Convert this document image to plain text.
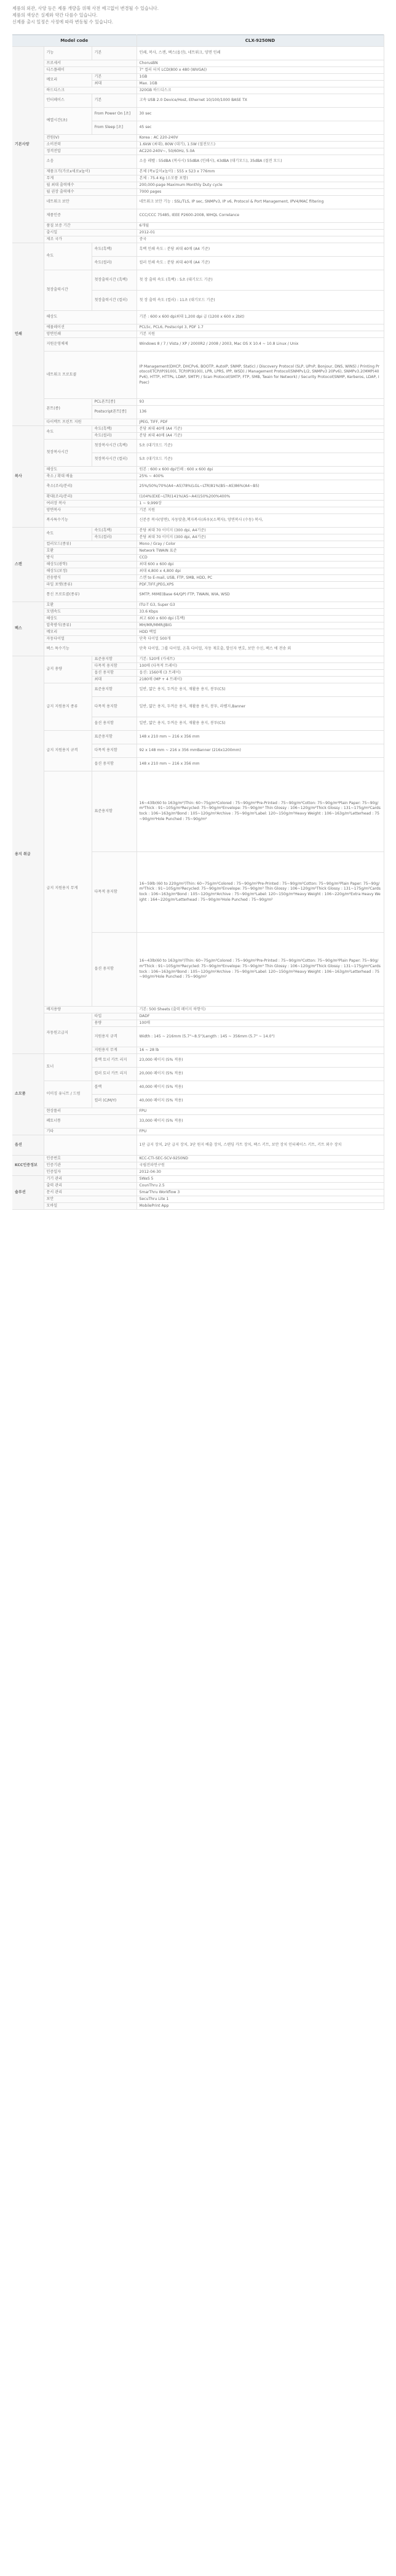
제품의 외관, 사양 등은 제품 개량을 위해 사전 예고없이 변경될 수 있습니다.
제품의 색상은 실제와 약간 다를수 있습니다.
신제품 출시 일정은 사정에 따라 변동될 수 있습니다.
Model code			CLX-9250ND
기본사양	기능	기본	인쇄, 복사, 스캔, 팩스(옵션), 네트워크, 양면 인쇄
	프로세서		ChorusBN
	디스플레이		7" 컬러 터치 LCD(800 x 480 (WVGA))
	메모리	기본	1GB
		최대	Max. 1GB
	하드디스크		320GB 하드디스크
	인터페이스	기본	고속 USB 2.0 Device/Host, Ethernet 10/100/1000 BASE TX
	예열시간(초)	From Power On [초]	30 sec
		From Sleep [초]	45 sec
	전원(V)		Korea : AC 220-240V
	소비전력		1.6kW (최대), 80W (대기), 1.5W (절전모드)
	정격전압		AC220-240V~, 50/60Hz, 5.0A
	소음		소음 레벨 : 55dBA (복사시) 55dBA (인쇄시), 43dBA (대기모드), 35dBA (절전 모드)
	제품크기(가로x세로x높이)		본체 (폭x길이x높이) : 555 x 523 x 776mm
	무게		본체 : 75.4 Kg (소모품 포함)
	월 최대 출력매수		200,000-page Maximum Monthly Duty cycle
	월 권장 출력매수		7000 pages
	네트워크 보안		네트워크 보안 기능 : SSL/TLS, IP sec, SNMPv3, IP v6, Protocol & Port Management, IPV4/MAC filtering
	제품인증		CCC/CCC 75485, IEEE P2600-2008, WHQL Correlance
	품질 보증 기간		6개월
	출시일		2012-01
	제조 국가		중국
인쇄	속도	속도(흑백)	흑백 인쇄 속도 : 분당 최대 40매 (A4 기준)
		속도(컬러)	컬러 인쇄 속도 : 분당 최대 40매 (A4 기준)
	첫장출력시간	첫장출력시간 (흑백)	첫 장 출력 속도 (흑백) : 5초 (대기모드 기준)
		첫장출력시간 (컬러)	첫 장 출력 속도 (컬러) : 11초 (대기모드 기준)
	해상도		기본 : 600 x 600 dpi최대 1,200 dpi 급 (1200 x 600 x 2bit)
	에뮬레이션		PCL5c, PCL6, Postscript 3, PDF 1.7
	양면인쇄		기본 지원
	지원운영체제		Windows 8 / 7 / Vista / XP / 2000R2 / 2008 / 2003, Mac OS X 10.4 ~ 10.8 Linux / Unix
	네트워크 프로토콜		IP Management(DHCP, DHCPv6, BOOTP, AutoIP, SNMP, Static) / Discovery Protocol (SLP, UPnP, Bonjour, DNS, WINS) / Printing Protocol(TCP/IP(9100), TCP/IP(9100), LPR, LPRS, IPP, WSD) / Management Protocol(SNMPv1/2, SNMPv3 20Pv6), SNMPv3.2(MMP(40Pv6), HTTP, HTTPs, LDAP, SMTP) / Scan Protocol(SMTP, FTP, SMB, Twain for Network) / Security Protocol(SNMP, Kerberos, LDAP, IPsec)
	폰트(종)	PCL폰트[종]	93
		Postscript폰트[종]	136
	다이렉트 프린트 지원		JPEG, TIFF, PDF
복사	속도	속도(흑백)	분당 최대 40매 (A4 기준)
		속도(컬러)	분당 최대 40매 (A4 기준)
	첫장복사시간	첫장복사시간 (흑백)	5초 (대기모드 기준)
		첫장복사시간 (컬러)	5초 (대기모드 기준)
	해상도		원본 : 600 x 600 dpi인쇄 : 600 x 600 dpi
	축소 / 확대 배율		25% ~ 400%
	축소(조리/분리)		25%/50%/70%(A4~A5)78%(LGL~LTR)81%(B5~A5)86%(A4~B5)
	확대(조리/분리)		(104%(EXE~LTR)141%(A5~A4)150%200%400%
	여러장 복사		1 ~ 9,999장
	양면복사		기본 지원
	복사특수기능		신분증 복사(양면), 자동맞춤,책자복사(좌우)(소책자), 양면복사 (수동) 복사,
스캔	속도	속도(흑백)	분당 최대 70 이미지 (300 dpi, A4기준)
		속도(컬러)	분당 최대 70 이미지 (300 dpi, A4기준)
	컬러모드(종류)		Mono / Gray / Color
	호환		Network TWAIN 표준
	방식		CCD
	해상도(광학)		최대 600 x 600 dpi
	해상도(보정)		최대 4,800 x 4,800 dpi
	전송방식		스캔 to E-mail, USB, FTP, SMB, HDD, PC
	파일 포맷(종류)		PDF,TIFF,JPEG,XPS
	통신 프로토콜(종류)		SMTP, MIME(Base 64/QP) FTP, TWAIN, WIA, WSD
팩스	호환		ITU-T G3, Super G3
	모뎀속도		33.6 Kbps
	해상도		최고 600 x 600 dpi (흑백)
	압축방식(종류)		MH/MR/MMR/JBIG
	메모리		HDD 백업
	자동다이얼		단축 다이얼 500개
	팩스 특수기능		단축 다이얼, 그룹 다이얼, 온훅 다이얼, 자동 재호출, 발신자 번호, 보안 수신, 팩스 에 전송 외
용지 취급	급지 용량	표준용지함	기본: 520매 (카세트)
		다목적 용지함	100매 (다목적 트레이)
		옵션 용지함	옵션: 1560매 (3 트레이)
		최대	2180매 (MP + 4 트레이)
	급지 지원용지 종류	표준용지함	일반, 얇은 용지, 두꺼운 용지, 재활용 용지, 봉투(C5)
		다목적 용지함	일반, 얇은 용지, 두꺼운 용지, 재활용 용지, 봉투, 라벨지,Banner
		옵션 용지함	일반, 얇은 용지, 두꺼운 용지, 재활용 용지, 봉투(C5)
	급지 지원용지 규격	표준용지함	148 x 210 mm ~ 216 x 356 mm
		다목적 용지함	92 x 148 mm ~ 216 x 356 mmBanner (216x1200mm)
		옵션 용지함	148 x 210 mm ~ 216 x 356 mm
	급지 지원용지 무게	표준용지함	16~43lb(60 to 163g/m²)Thin: 60~75g/m²Colored : 75~90g/m²Pre-Printed : 75~90g/m²Cotton: 75~90g/m²Plain Paper: 75~90g/m²Thick : 91~105g/m²Recycled: 75~90g/m²Envelope: 75~90g/m² Thin Glossy : 106~120g/m²Thick Glossy : 131~175g/m²Cardstock : 106~163g/m²Bond : 105~120g/m²Archive : 75~90g/m²Label: 120~150g/m²Heavy Weight : 106~163g/m²Letterhead : 75~90g/m²Hole Punched : 75~90g/m²
		다목적 용지함	16~59lb (60 to 220g/m²)Thin: 60~75g/m²Colored : 75~90g/m²Pre-Printed : 75~90g/m²Cotton: 75~90g/m²Plain Paper: 75~90g/m²Thick : 91~105g/m²Recycled: 75~90g/m²Envelope: 75~90g/m² Thin Glossy : 106~120g/m²Thick Glossy : 131~175g/m²Cardstock : 106~163g/m²Bond : 105~120g/m²Archive : 75~90g/m²Label: 120~150g/m²Heavy Weight : 106~220g/m²Extra Heavy Weight : 164~220g/m²Letterhead : 75~90g/m²Hole Punched : 75~90g/m²
		옵션 용지함	16~43lb(60 to 163g/m²)Thin: 60~75g/m²Colored : 75~90g/m²Pre-Printed : 75~90g/m²Cotton: 75~90g/m²Plain Paper: 75~90g/m²Thick : 91~105g/m²Recycled: 75~90g/m²Envelope: 75~90g/m² Thin Glossy : 106~120g/m²Thick Glossy : 131~175g/m²Cardstock : 106~163g/m²Bond : 105~120g/m²Archive : 75~90g/m²Label: 120~150g/m²Heavy Weight : 106~163g/m²Letterhead : 75~90g/m²Hole Punched : 75~90g/m²
	배지용량		기본: 500 Sheets (출력 페이지 하향식)
	자동원고급지	타입	DADF
		용량	100매
		지원용지 규격	Width : 145 ~ 216mm (5.7"~8.5")Length : 145 ~ 356mm (5.7" ~ 14.0")
		지원용지 무게	16 ~ 28 lb
소모품	토너	블랙 토너 카트 리지	23,000 페이지 (5% 적용)
		컬러 토너 카트 리지	20,000 페이지 (5% 적용)
	이미징 유니트 / 드럼	블랙	40,000 페이지 (5% 적용)
		컬러 (C/M/Y)	40,000 페이지 (5% 적용)
	현상롤러		FPU
	폐토너통		33,000 페이지 (5% 적용)
	기타		FPU
옵션			1단 급지 장치, 2단 급지 장치, 3단 원지 배출 장치, 스탠딩 카트 장치, 팩스 키트, 보안 장치 인터페이스 키트, 키트 외수 장치
KCC인증정보	인증번호		KCC-CTI-SEC-SCV-9250ND
	인증기관		국립전파연구원
	인증일자		2012-04-30
솔루션	기기 관리		SWaS 5
	출력 관리		CounThru 2.5
	문서 관리		SmarThru Workflow 3
	보안		SecuThru Lite 1
	모바일		MobilePrint App
